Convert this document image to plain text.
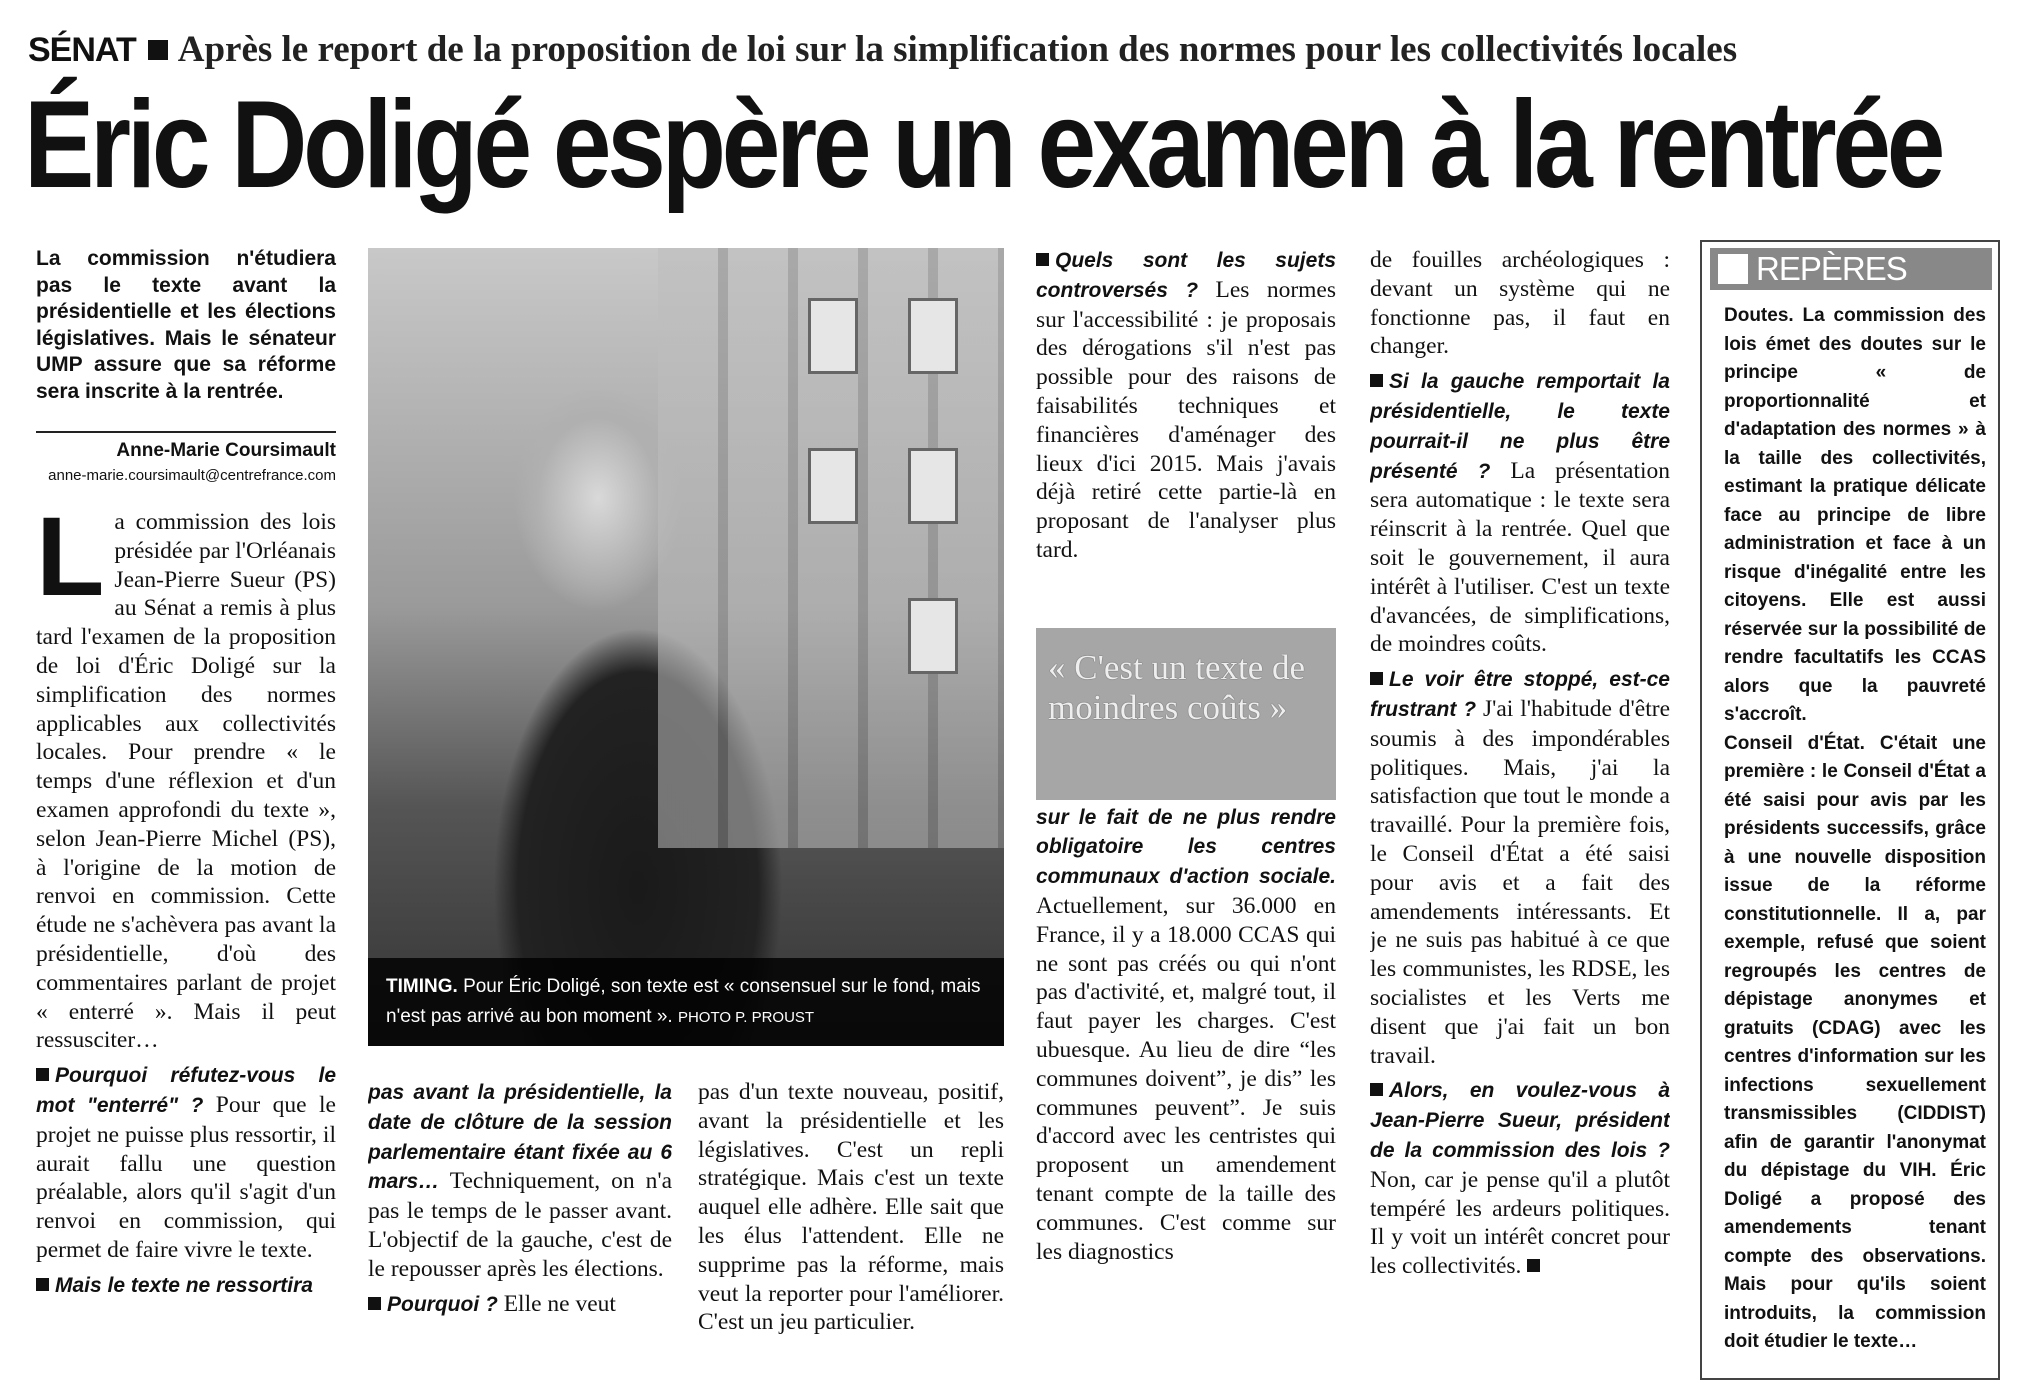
SÉNAT Après le report de la proposition de loi sur la simplification des normes pour les collectivités locales
Éric Doligé espère un examen à la rentrée
La commission n'étudiera pas le texte avant la présidentielle et les élections législatives. Mais le sénateur UMP assure que sa réforme sera inscrite à la rentrée.
Anne-Marie Coursimault
anne-marie.coursimault@centrefrance.com

La commission des lois présidée par l'Orléanais Jean-Pierre Sueur (PS) au Sénat a remis à plus tard l'examen de la proposition de loi d'Éric Doligé sur la simplification des normes applicables aux collectivités locales. Pour prendre « le temps d'une réflexion et d'un examen approfondi du texte », selon Jean-Pierre Michel (PS), à l'origine de la motion de renvoi en commission. Cette étude ne s'achèvera pas avant la présidentielle, d'où des commentaires parlant de projet « enterré ». Mais il peut ressusciter…

Pourquoi réfutez-vous le mot "enterré" ? Pour que le projet ne puisse plus ressortir, il aurait fallu une question préalable, alors qu'il s'agit d'un renvoi en commission, qui permet de faire vivre le texte.

Mais le texte ne ressortira

TIMING. Pour Éric Doligé, son texte est « consensuel sur le fond, mais n'est pas arrivé au bon moment ». PHOTO P. PROUST

pas avant la présidentielle, la date de clôture de la session parlementaire étant fixée au 6 mars… Techniquement, on n'a pas le temps de le passer avant. L'objectif de la gauche, c'est de le repousser après les élections.

Pourquoi ? Elle ne veut

pas d'un texte nouveau, positif, avant la présidentielle et les législatives. C'est un repli stratégique. Mais c'est un texte auquel elle adhère. Elle sait que les élus l'attendent. Elle ne supprime pas la réforme, mais veut la reporter pour l'améliorer. C'est un jeu particulier.

Quels sont les sujets controversés ? Les normes sur l'accessibilité : je proposais des dérogations s'il n'est pas possible pour des raisons de faisabilités techniques et financières d'aménager des lieux d'ici 2015. Mais j'avais déjà retiré cette partie-là en proposant de l'analyser plus tard.

sur le fait de ne plus rendre obligatoire les centres communaux d'action sociale. Actuellement, sur 36.000 en France, il y a 18.000 CCAS qui ne sont pas créés ou qui n'ont pas d'activité, et, malgré tout, il faut payer les charges. C'est ubuesque. Au lieu de dire “les communes doivent”, je dis” les communes peuvent”. Je suis d'accord avec les centristes qui proposent un amendement tenant compte de la taille des communes. C'est comme sur les diagnostics

« C'est un texte de moindres coûts »

de fouilles archéologiques : devant un système qui ne fonctionne pas, il faut en changer.

Si la gauche remportait la présidentielle, le texte pourrait-il ne plus être présenté ? La présentation sera automatique : le texte sera réinscrit à la rentrée. Quel que soit le gouvernement, il aura intérêt à l'utiliser. C'est un texte d'avancées, de simplifications, de moindres coûts.

Le voir être stoppé, est-ce frustrant ? J'ai l'habitude d'être soumis à des impondérables politiques. Mais, j'ai la satisfaction que tout le monde a travaillé. Pour la première fois, le Conseil d'État a été saisi pour avis et a fait des amendements intéressants. Et je ne suis pas habitué à ce que les communistes, les RDSE, les socialistes et les Verts me disent que j'ai fait un bon travail.

Alors, en voulez-vous à Jean-Pierre Sueur, président de la commission des lois ? Non, car je pense qu'il a plutôt tempéré les ardeurs politiques. Il y voit un intérêt concret pour les collectivités.

REPÈRES

Doutes. La commission des lois émet des doutes sur le principe « de proportionnalité et d'adaptation des normes » à la taille des collectivités, estimant la pratique délicate face au principe de libre administration et face à un risque d'inégalité entre les citoyens. Elle est aussi réservée sur la possibilité de rendre facultatifs les CCAS alors que la pauvreté s'accroît.

Conseil d'État. C'était une première : le Conseil d'État a été saisi pour avis par les présidents successifs, grâce à une nouvelle disposition issue de la réforme constitutionnelle. Il a, par exemple, refusé que soient regroupés les centres de dépistage anonymes et gratuits (CDAG) avec les centres d'information sur les infections sexuellement transmissibles (CIDDIST) afin de garantir l'anonymat du dépistage du VIH. Éric Doligé a proposé des amendements tenant compte des observations. Mais pour qu'ils soient introduits, la commission doit étudier le texte…
